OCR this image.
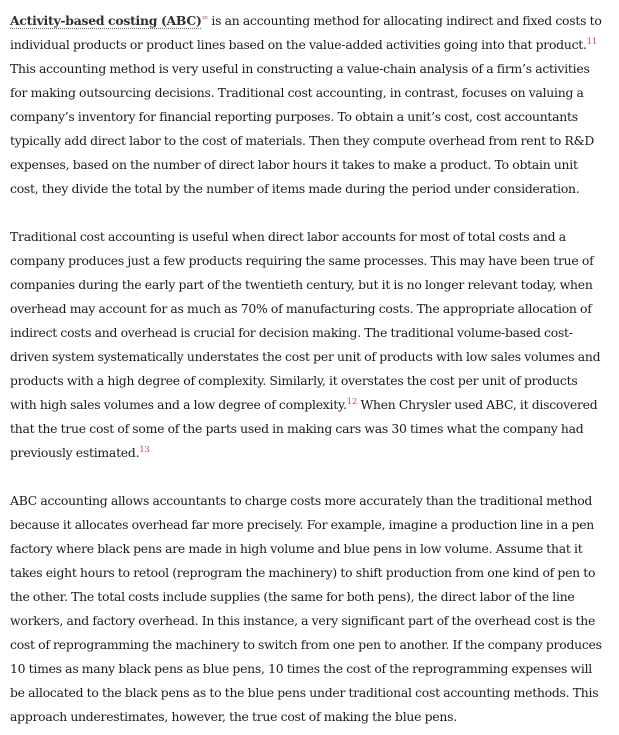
Activity-based costing (ABC)∞ is an accounting method for allocating indirect and fixed costs to

individual products or product lines based on the value-added activities going into that product.$^{11}$

This accounting method is very useful in constructing a value-chain analysis of a firm’s activities

for making outsourcing decisions. Traditional cost accounting, in contrast, focuses on valuing a

company’s inventory for financial reporting purposes. To obtain a unit’s cost, cost accountants

typically add direct labor to the cost of materials. Then they compute overhead from rent to R&D

expenses, based on the number of direct labor hours it takes to make a product. To obtain unit

cost, they divide the total by the number of items made during the period under consideration.

Traditional cost accounting is useful when direct labor accounts for most of total costs and a

company produces just a few products requiring the same processes. This may have been true of

companies during the early part of the twentieth century, but it is no longer relevant today, when

overhead may account for as much as 70% of manufacturing costs. The appropriate allocation of

indirect costs and overhead is crucial for decision making. The traditional volume-based cost-

driven system systematically understates the cost per unit of products with low sales volumes and

products with a high degree of complexity. Similarly, it overstates the cost per unit of products

with high sales volumes and a low degree of complexity.$^{12}$ When Chrysler used ABC, it discovered

that the true cost of some of the parts used in making cars was 30 times what the company had

previously estimated.$^{13}$

ABC accounting allows accountants to charge costs more accurately than the traditional method

because it allocates overhead far more precisely. For example, imagine a production line in a pen

factory where black pens are made in high volume and blue pens in low volume. Assume that it

takes eight hours to retool (reprogram the machinery) to shift production from one kind of pen to

the other. The total costs include supplies (the same for both pens), the direct labor of the line

workers, and factory overhead. In this instance, a very significant part of the overhead cost is the

cost of reprogramming the machinery to switch from one pen to another. If the company produces

10 times as many black pens as blue pens, 10 times the cost of the reprogramming expenses will

be allocated to the black pens as to the blue pens under traditional cost accounting methods. This

approach underestimates, however, the true cost of making the blue pens.
